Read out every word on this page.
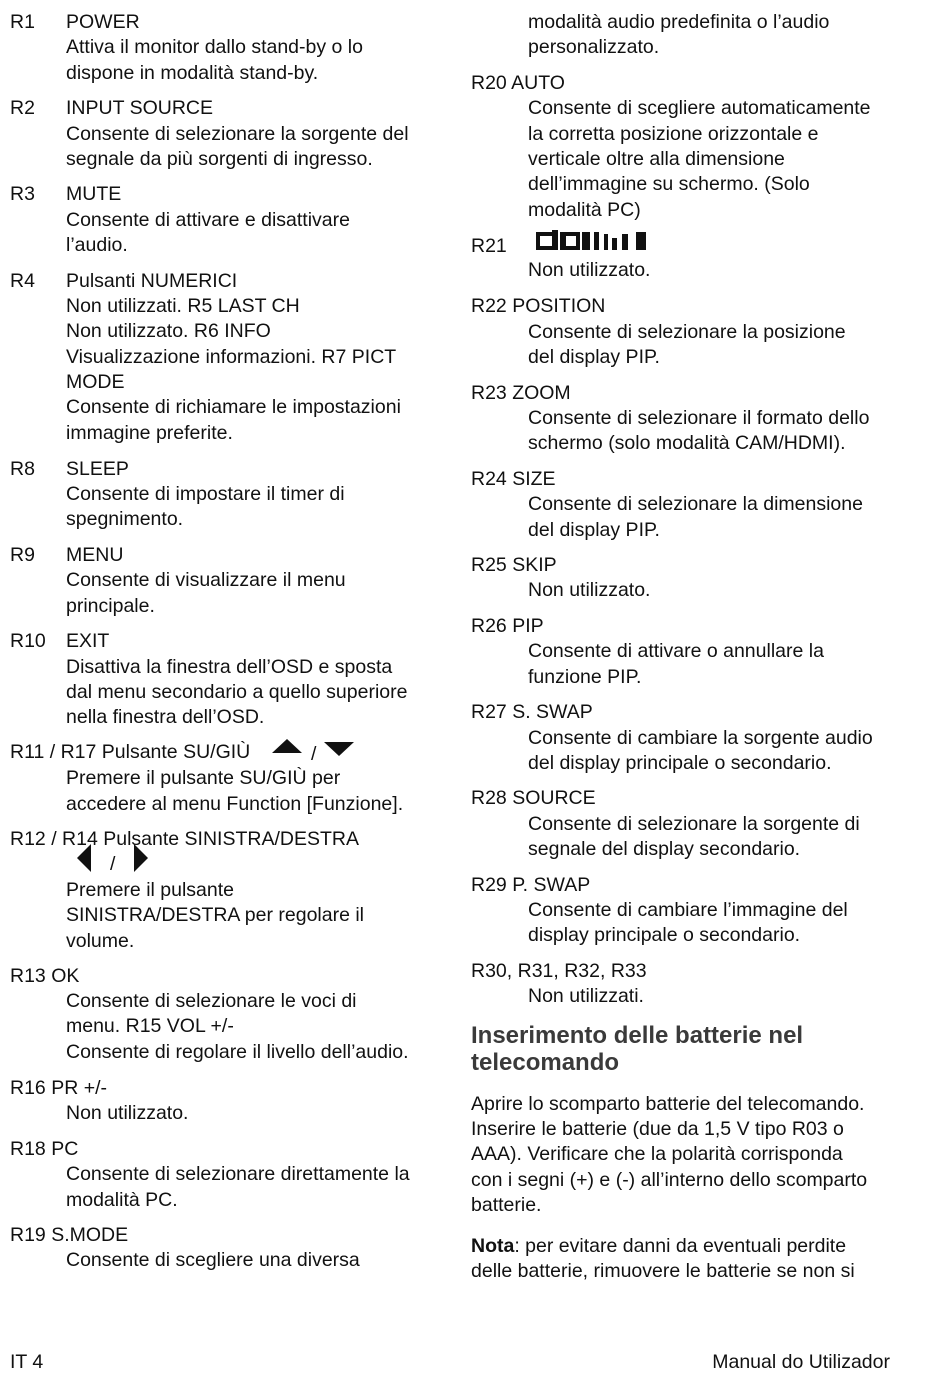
R1 POWER
Attiva il monitor dallo stand-by o lo
dispone in modalità stand-by.
R2 INPUT SOURCE
Consente di selezionare la sorgente del
segnale da più sorgenti di ingresso.
R3 MUTE
Consente di attivare e disattivare
l’audio.
R4 Pulsanti NUMERICI
Non utilizzati. R5 LAST CH
Non utilizzato. R6 INFO
Visualizzazione informazioni. R7 PICT
MODE
Consente di richiamare le impostazioni
immagine preferite.
R8 SLEEP
Consente di impostare il timer di
spegnimento.
R9 MENU
Consente di visualizzare il menu
principale.
R10 EXIT
Disattiva la finestra dell’OSD e sposta
dal menu secondario a quello superiore
nella finestra dell’OSD.
R11 / R17 Pulsante SU/GIÙ	/
Premere il pulsante SU/GIÙ per
accedere al menu Function [Funzione].
R12 / R14 Pulsante SINISTRA/DESTRA
/
Premere il pulsante
SINISTRA/DESTRA per regolare il
volume.
R13 OK
Consente di selezionare le voci di
menu. R15 VOL +/-
Consente di regolare il livello dell’audio.
R16 PR +/-
Non utilizzato.
R18 PC
Consente di selezionare direttamente la
modalità PC.
R19 S.MODE
Consente di scegliere una diversa
modalità audio predefinita o l’audio
personalizzato.
R20 AUTO
Consente di scegliere automaticamente
la corretta posizione orizzontale e
verticale oltre alla dimensione
dell’immagine su schermo. (Solo
modalità PC)
R21
Non utilizzato.
R22 POSITION
Consente di selezionare la posizione
del display PIP.
R23 ZOOM
Consente di selezionare il formato dello
schermo (solo modalità CAM/HDMI).
R24 SIZE
Consente di selezionare la dimensione
del display PIP.
R25 SKIP
Non utilizzato.
R26 PIP
Consente di attivare o annullare la
funzione PIP.
R27 S. SWAP
Consente di cambiare la sorgente audio
del display principale o secondario.
R28 SOURCE
Consente di selezionare la sorgente di
segnale del display secondario.
R29 P. SWAP
Consente di cambiare l’immagine del
display principale o secondario.
R30, R31, R32, R33
Non utilizzati.
Inserimento delle batterie nel
telecomando
Aprire lo scomparto batterie del telecomando.
Inserire le batterie (due da 1,5 V tipo R03 o
AAA). Verificare che la polarità corrisponda
con i segni (+) e (-) all’interno dello scomparto
batterie.
Nota: per evitare danni da eventuali perdite
delle batterie, rimuovere le batterie se non si
IT 4	Manual do Utilizador
